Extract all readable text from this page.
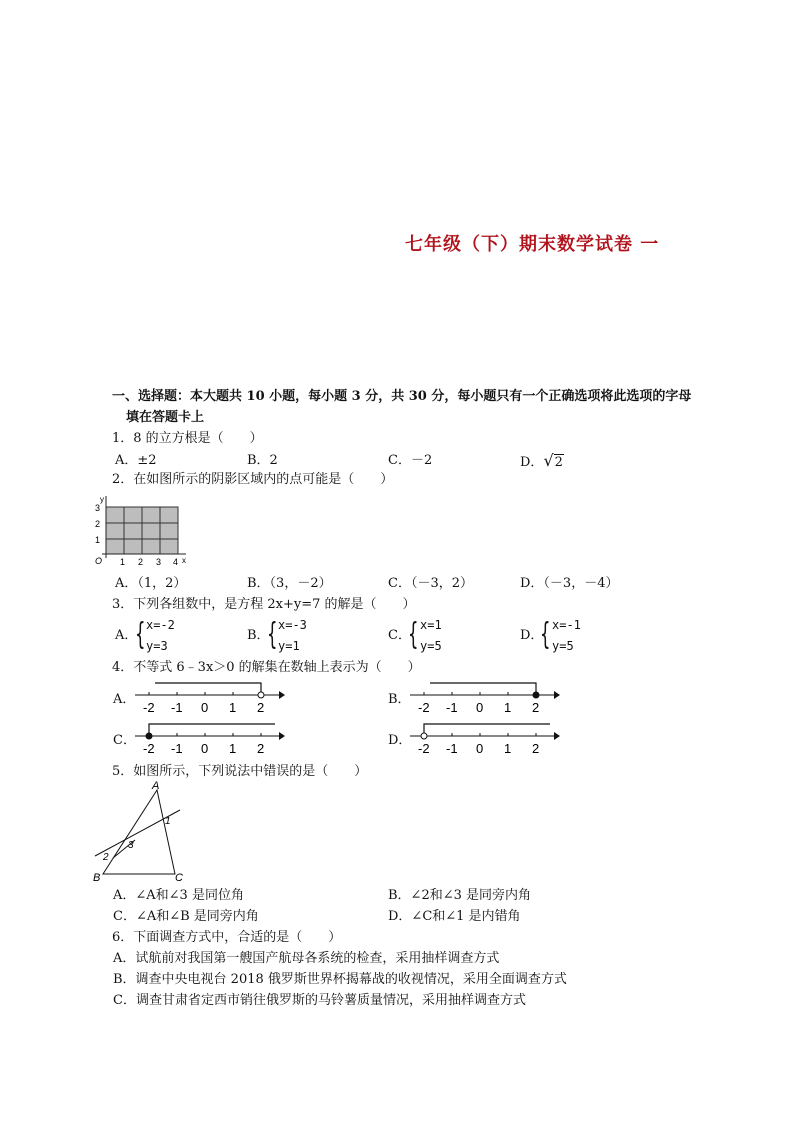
七年级（下）期末数学试卷 一
一、选择题：本大题共 10 小题，每小题 3 分，共 30 分，每小题只有一个正确选项将此选项的字母
填在答题卡上
1．8 的立方根是（　　）
A．±2	B．2	C．－2	D．√2
2．在如图所示的阴影区域内的点可能是（　　）
y
x
O
3
2
1
1 2 3 4
A．（1，2）	B．（3，－2）	C．（－3，2）	D．（－3，－4）
3．下列各组数中，是方程 2x+y=7 的解是（　　）
A．
{ x=-2
y=3
B．
{ x=-3
y=1
C．
{ x=1
y=5
D．
{ x=-1
y=5
4．不等式 6﹣3x＞0 的解集在数轴上表示为（　　）
A．
-2 -1 0 1 2
B．
-2 -1 0 1 2
C．
-2 -1 0 1 2
D．
-2 -1 0 1 2
5．如图所示，下列说法中错误的是（　　）
A
B	C
1
2
3
A．∠A和∠3 是同位角	B．∠2和∠3 是同旁内角
C．∠A和∠B 是同旁内角	D．∠C和∠1 是内错角
6．下面调查方式中，合适的是（　　）
A．试航前对我国第一艘国产航母各系统的检查，采用抽样调查方式
B．调查中央电视台 2018 俄罗斯世界杯揭幕战的收视情况，采用全面调查方式
C．调查甘肃省定西市销往俄罗斯的马铃薯质量情况，采用抽样调查方式
